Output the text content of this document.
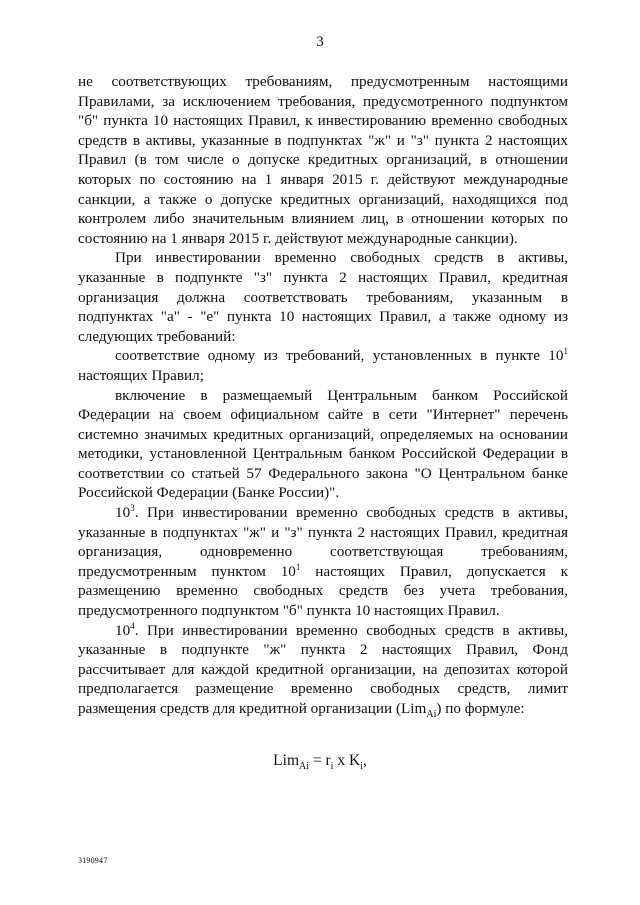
3

не соответствующих требованиям, предусмотренным настоящими Правилами, за исключением требования, предусмотренного подпунктом "б" пункта 10 настоящих Правил, к инвестированию временно свободных средств в активы, указанные в подпунктах "ж" и "з" пункта 2 настоящих Правил (в том числе о допуске кредитных организаций, в отношении которых по состоянию на 1 января 2015 г. действуют международные санкции, а также о допуске кредитных организаций, находящихся под контролем либо значительным влиянием лиц, в отношении которых по состоянию на 1 января 2015 г. действуют международные санкции).

При инвестировании временно свободных средств в активы, указанные в подпункте "з" пункта 2 настоящих Правил, кредитная организация должна соответствовать требованиям, указанным в подпунктах "а" - "е" пункта 10 настоящих Правил, а также одному из следующих требований:

соответствие одному из требований, установленных в пункте $10^1$ настоящих Правил;

включение в размещаемый Центральным банком Российской Федерации на своем официальном сайте в сети "Интернет" перечень системно значимых кредитных организаций, определяемых на основании методики, установленной Центральным банком Российской Федерации в соответствии со статьей 57 Федерального закона "О Центральном банке Российской Федерации (Банке России)".

$10^3$. При инвестировании временно свободных средств в активы, указанные в подпунктах "ж" и "з" пункта 2 настоящих Правил, кредитная организация, одновременно соответствующая требованиям, предусмотренным пунктом $10^1$ настоящих Правил, допускается к размещению временно свободных средств без учета требования, предусмотренного подпунктом "б" пункта 10 настоящих Правил.

$10^4$. При инвестировании временно свободных средств в активы, указанные в подпункте "ж" пункта 2 настоящих Правил, Фонд рассчитывает для каждой кредитной организации, на депозитах которой предполагается размещение временно свободных средств, лимит размещения средств для кредитной организации (Lim$_{Ai}$) по формуле:

$Lim_{Ai} = r_i$ x $K_i$,
3190947
